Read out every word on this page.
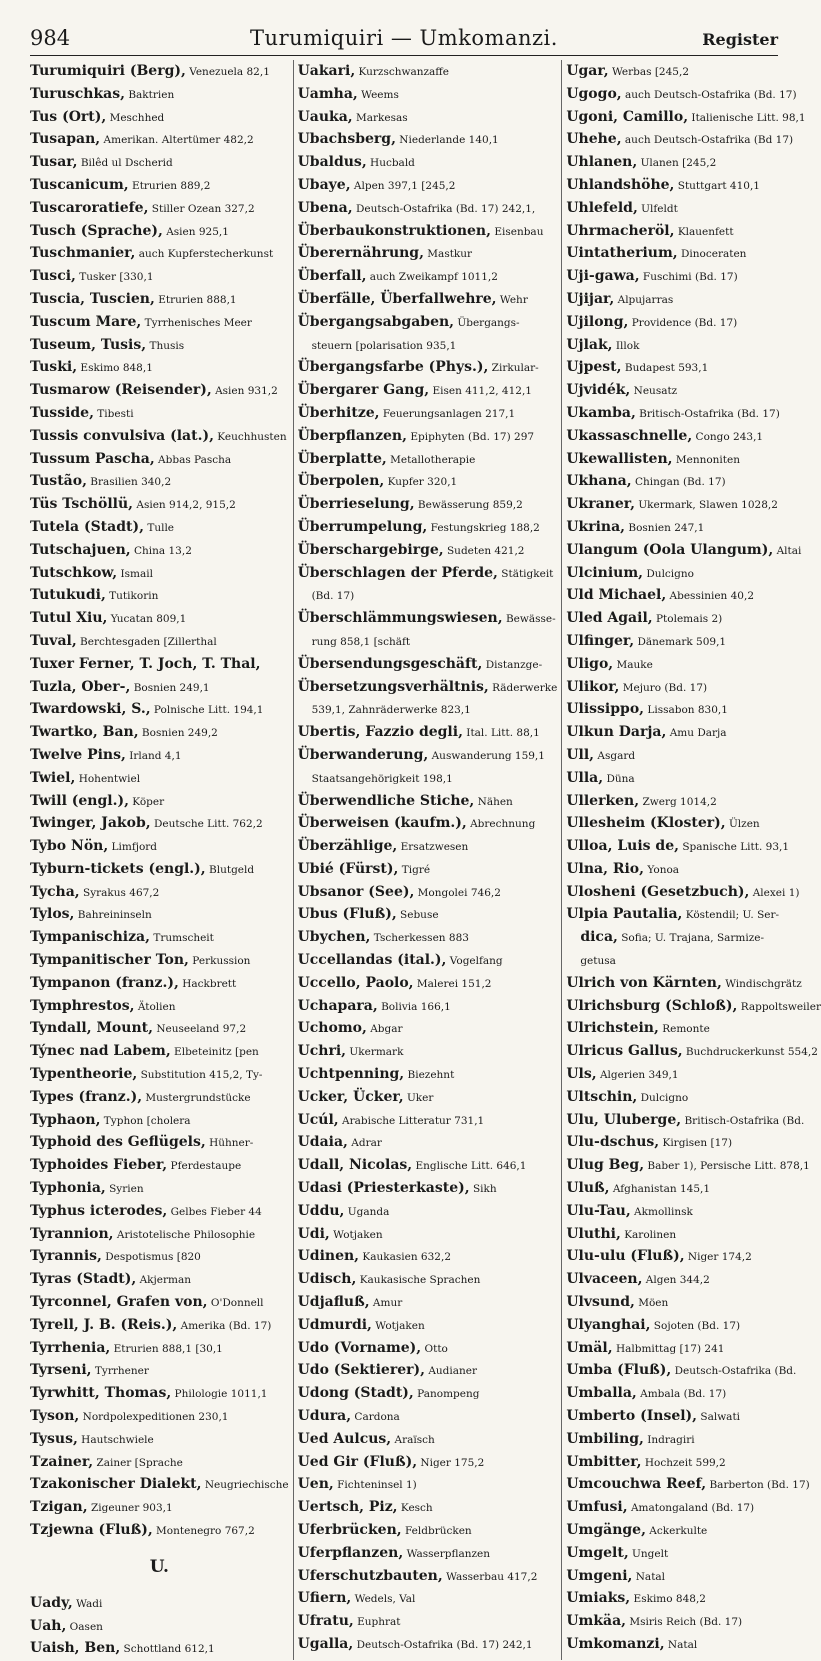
984	Turumiquiri — Umkomanzi.	Register
Turumiquiri (Berg), Venezuela 82,1
Turuschkas, Baktrien
Tus (Ort), Meschhed
Tusapan, Amerikan. Altertümer 482,2
Tusar, Bilêd ul Dscherid
Tuscanicum, Etrurien 889,2
Tuscaroratiefe, Stiller Ozean 327,2
Tusch (Sprache), Asien 925,1
Tuschmanier, auch Kupferstecherkunst
Tusci, Tusker [330,1
Tuscia, Tuscien, Etrurien 888,1
Tuscum Mare, Tyrrhenisches Meer
Tuseum, Tusis, Thusis
Tuski, Eskimo 848,1
Tusmarow (Reisender), Asien 931,2
Tusside, Tibesti
Tussis convulsiva (lat.), Keuchhusten
Tussum Pascha, Abbas Pascha
Tustão, Brasilien 340,2
Tüs Tschöllü, Asien 914,2, 915,2
Tutela (Stadt), Tulle
Tutschajuen, China 13,2
Tutschkow, Ismail
Tutukudi, Tutikorin
Tutul Xiu, Yucatan 809,1
Tuval, Berchtesgaden [Zillerthal
Tuxer Ferner, T. Joch, T. Thal,
Tuzla, Ober-, Bosnien 249,1
Twardowski, S., Polnische Litt. 194,1
Twartko, Ban, Bosnien 249,2
Twelve Pins, Irland 4,1
Twiel, Hohentwiel
Twill (engl.), Köper
Twinger, Jakob, Deutsche Litt. 762,2
Tybo Nön, Limfjord
Tyburn-tickets (engl.), Blutgeld
Tycha, Syrakus 467,2
Tylos, Bahreininseln
Tympanischiza, Trumscheit
Tympanitischer Ton, Perkussion
Tympanon (franz.), Hackbrett
Tymphrestos, Ätolien
Tyndall, Mount, Neuseeland 97,2
Týnec nad Labem, Elbeteinitz [pen
Typentheorie, Substitution 415,2, Ty-
Types (franz.), Mustergrundstücke
Typhaon, Typhon [cholera
Typhoid des Geflügels, Hühner-
Typhoides Fieber, Pferdestaupe
Typhonia, Syrien
Typhus icterodes, Gelbes Fieber 44
Tyrannion, Aristotelische Philosophie
Tyrannis, Despotismus [820
Tyras (Stadt), Akjerman
Tyrconnel, Grafen von, O'Donnell
Tyrell, J. B. (Reis.), Amerika (Bd. 17)
Tyrrhenia, Etrurien 888,1 [30,1
Tyrseni, Tyrrhener
Tyrwhitt, Thomas, Philologie 1011,1
Tyson, Nordpolexpeditionen 230,1
Tysus, Hautschwiele
Tzainer, Zainer [Sprache
Tzakonischer Dialekt, Neugriechische
Tzigan, Zigeuner 903,1
Tzjewna (Fluß), Montenegro 767,2
U.
Uady, Wadi
Uah, Oasen
Uaish, Ben, Schottland 612,1
Uakari, Kurzschwanzaffe
Uamha, Weems
Uauka, Markesas
Ubachsberg, Niederlande 140,1
Ubaldus, Hucbald
Ubaye, Alpen 397,1 [245,2
Ubena, Deutsch-Ostafrika (Bd. 17) 242,1,
Überbaukonstruktionen, Eisenbau
Überernährung, Mastkur
Überfall, auch Zweikampf 1011,2
Überfälle, Überfallwehre, Wehr
Übergangsabgaben, Übergangs-
steuern [polarisation 935,1
Übergangsfarbe (Phys.), Zirkular-
Übergarer Gang, Eisen 411,2, 412,1
Überhitze, Feuerungsanlagen 217,1
Überpflanzen, Epiphyten (Bd. 17) 297
Überplatte, Metallotherapie
Überpolen, Kupfer 320,1
Überrieselung, Bewässerung 859,2
Überrumpelung, Festungskrieg 188,2
Überschargebirge, Sudeten 421,2
Überschlagen der Pferde, Stätigkeit
(Bd. 17)
Überschlämmungswiesen, Bewässe-
rung 858,1 [schäft
Übersendungsgeschäft, Distanzge-
Übersetzungsverhältnis, Räderwerke
539,1, Zahnräderwerke 823,1
Ubertis, Fazzio degli, Ital. Litt. 88,1
Überwanderung, Auswanderung 159,1
Staatsangehörigkeit 198,1
Überwendliche Stiche, Nähen
Überweisen (kaufm.), Abrechnung
Überzählige, Ersatzwesen
Ubié (Fürst), Tigré
Ubsanor (See), Mongolei 746,2
Ubus (Fluß), Sebuse
Ubychen, Tscherkessen 883
Uccellandas (ital.), Vogelfang
Uccello, Paolo, Malerei 151,2
Uchapara, Bolivia 166,1
Uchomo, Abgar
Uchri, Ukermark
Uchtpenning, Biezehnt
Ucker, Ücker, Uker
Ucúl, Arabische Litteratur 731,1
Udaia, Adrar
Udall, Nicolas, Englische Litt. 646,1
Udasi (Priesterkaste), Sikh
Uddu, Uganda
Udi, Wotjaken
Udinen, Kaukasien 632,2
Udisch, Kaukasische Sprachen
Udjafluß, Amur
Udmurdi, Wotjaken
Udo (Vorname), Otto
Udo (Sektierer), Audianer
Udong (Stadt), Panompeng
Udura, Cardona
Ued Aulcus, Araïsch
Ued Gir (Fluß), Niger 175,2
Uen, Fichteninsel 1)
Uertsch, Piz, Kesch
Uferbrücken, Feldbrücken
Uferpflanzen, Wasserpflanzen
Uferschutzbauten, Wasserbau 417,2
Ufiern, Wedels, Val
Ufratu, Euphrat
Ugalla, Deutsch-Ostafrika (Bd. 17) 242,1
Ugar, Werbas [245,2
Ugogo, auch Deutsch-Ostafrika (Bd. 17)
Ugoni, Camillo, Italienische Litt. 98,1
Uhehe, auch Deutsch-Ostafrika (Bd 17)
Uhlanen, Ulanen [245,2
Uhlandshöhe, Stuttgart 410,1
Uhlefeld, Ulfeldt
Uhrmacheröl, Klauenfett
Uintatherium, Dinoceraten
Uji-gawa, Fuschimi (Bd. 17)
Ujijar, Alpujarras
Ujilong, Providence (Bd. 17)
Ujlak, Illok
Ujpest, Budapest 593,1
Ujvidék, Neusatz
Ukamba, Britisch-Ostafrika (Bd. 17)
Ukassaschnelle, Congo 243,1
Ukewallisten, Mennoniten
Ukhana, Chingan (Bd. 17)
Ukraner, Ukermark, Slawen 1028,2
Ukrina, Bosnien 247,1
Ulangum (Oola Ulangum), Altai
Ulcinium, Dulcigno
Uld Michael, Abessinien 40,2
Uled Agail, Ptolemais 2)
Ulfinger, Dänemark 509,1
Uligo, Mauke
Ulikor, Mejuro (Bd. 17)
Ulissippo, Lissabon 830,1
Ulkun Darja, Amu Darja
Ull, Asgard
Ulla, Düna
Ullerken, Zwerg 1014,2
Ullesheim (Kloster), Ülzen
Ulloa, Luis de, Spanische Litt. 93,1
Ulna, Rio, Yonoa
Ulosheni (Gesetzbuch), Alexei 1)
Ulpia Pautalia, Köstendil; U. Ser-
dica, Sofia; U. Trajana, Sarmize-
getusa
Ulrich von Kärnten, Windischgrätz
Ulrichsburg (Schloß), Rappoltsweiler
Ulrichstein, Remonte
Ulricus Gallus, Buchdruckerkunst 554,2
Uls, Algerien 349,1
Ultschin, Dulcigno
Ulu, Uluberge, Britisch-Ostafrika (Bd.
Ulu-dschus, Kirgisen [17)
Ulug Beg, Baber 1), Persische Litt. 878,1
Uluß, Afghanistan 145,1
Ulu-Tau, Akmollinsk
Uluthi, Karolinen
Ulu-ulu (Fluß), Niger 174,2
Ulvaceen, Algen 344,2
Ulvsund, Möen
Ulyanghai, Sojoten (Bd. 17)
Umäl, Halbmittag [17) 241
Umba (Fluß), Deutsch-Ostafrika (Bd.
Umballa, Ambala (Bd. 17)
Umberto (Insel), Salwati
Umbiling, Indragiri
Umbitter, Hochzeit 599,2
Umcouchwa Reef, Barberton (Bd. 17)
Umfusi, Amatongaland (Bd. 17)
Umgänge, Ackerkulte
Umgelt, Ungelt
Umgeni, Natal
Umiaks, Eskimo 848,2
Umkäa, Msiris Reich (Bd. 17)
Umkomanzi, Natal
